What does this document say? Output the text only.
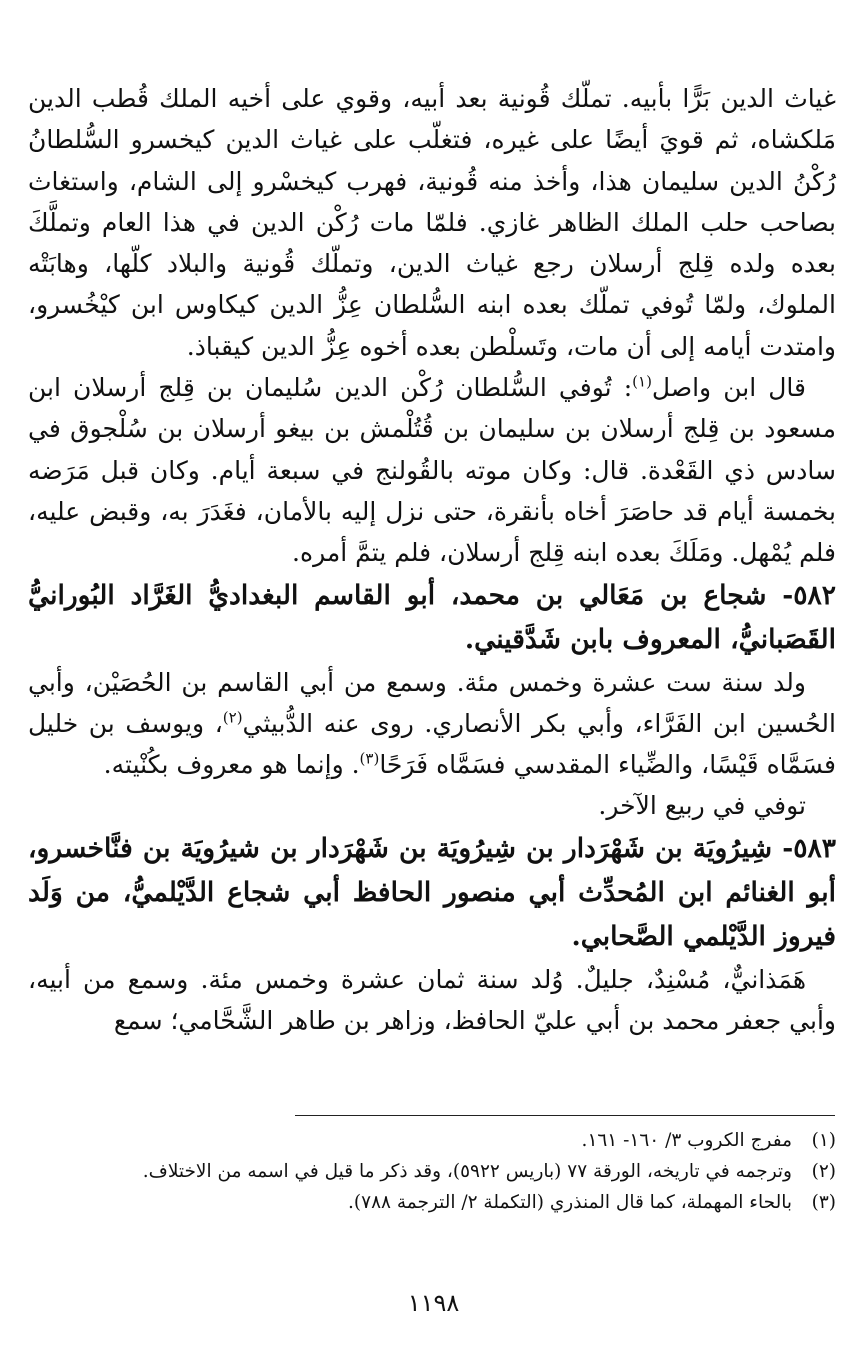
غياث الدين بَرًّا بأبيه. تملّك قُونية بعد أبيه، وقوي على أخيه الملك قُطب الدين مَلكشاه، ثم قويَ أيضًا على غيره، فتغلّب على غياث الدين كيخسرو السُّلطانُ رُكْنُ الدين سليمان هذا، وأخذ منه قُونية، فهرب كيخسْرو إلى الشام، واستغاث بصاحب حلب الملك الظاهر غازي. فلمّا مات رُكْن الدين في هذا العام وتملَّكَ بعده ولده قِلج أرسلان رجع غياث الدين، وتملّك قُونية والبلاد كلّها، وهابَتْه الملوك، ولمّا تُوفي تملّك بعده ابنه السُّلطان عِزُّ الدين كيكاوس ابن كيْخُسرو، وامتدت أيامه إلى أن مات، وتَسلْطن بعده أخوه عِزُّ الدين كيقباذ.

قال ابن واصل$^{(١)}$: تُوفي السُّلطان رُكْن الدين سُليمان بن قِلج أرسلان ابن مسعود بن قِلج أرسلان بن سليمان بن قُتُلْمش بن بيغو أرسلان بن سُلْجوق في سادس ذي القَعْدة. قال: وكان موته بالقُولنج في سبعة أيام. وكان قبل مَرَضه بخمسة أيام قد حاصَرَ أخاه بأنقرة، حتى نزل إليه بالأمان، فغَدَرَ به، وقبض عليه، فلم يُمْهل. ومَلَكَ بعده ابنه قِلج أرسلان، فلم يتمَّ أمره.

٥٨٢- شجاع بن مَعَالي بن محمد، أبو القاسم البغداديُّ الغَرَّاد البُورانيُّ القَصَبانيُّ، المعروف بابن شَدَّقيني.

ولد سنة ست عشرة وخمس مئة. وسمع من أبي القاسم بن الحُصَيْن، وأبي الحُسين ابن الفَرَّاء، وأبي بكر الأنصاري. روى عنه الدُّبيثي$^{(٢)}$، ويوسف بن خليل فسَمَّاه قَيْسًا، والضِّياء المقدسي فسَمَّاه فَرَحًا$^{(٣)}$. وإنما هو معروف بكُنْيته.

توفي في ربيع الآخر.

٥٨٣- شِيرُويَة بن شَهْرَدار بن شِيرُويَة بن شَهْرَدار بن شيرُويَة بن فنَّاخسرو، أبو الغنائم ابن المُحدِّث أبي منصور الحافظ أبي شجاع الدَّيْلميُّ، من وَلَد فيروز الدَّيْلمي الصَّحابي.

هَمَذانيٌّ، مُسْنِدٌ، جليلٌ. وُلد سنة ثمان عشرة وخمس مئة. وسمع من أبيه، وأبي جعفر محمد بن أبي عليّ الحافظ، وزاهر بن طاهر الشَّحَّامي؛ سمع

(١)
مفرج الكروب ٣/ ١٦٠- ١٦١.
(٢)
وترجمه في تاريخه، الورقة ٧٧ (باريس ٥٩٢٢)، وقد ذكر ما قيل في اسمه من الاختلاف.
(٣)
بالحاء المهملة، كما قال المنذري (التكملة ٢/ الترجمة ٧٨٨).
١١٩٨
